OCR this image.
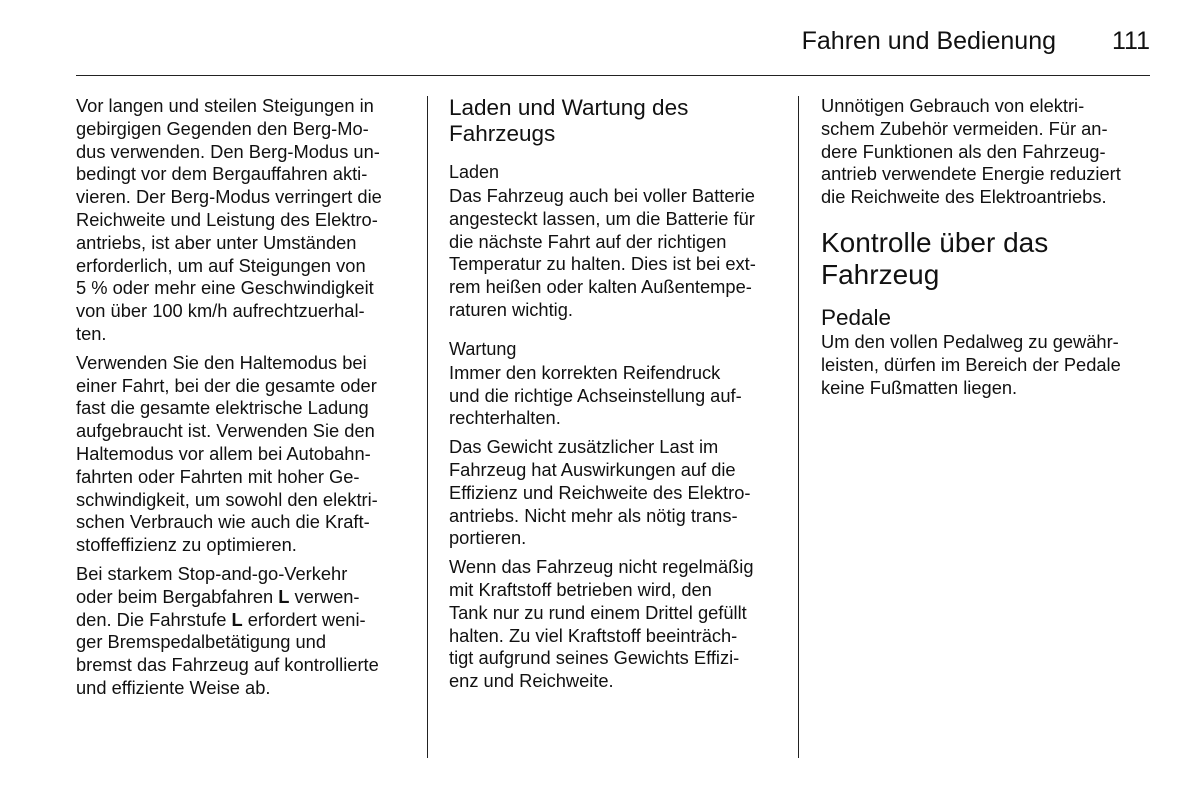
Fahren und Bedienung	111

Vor langen und steilen Steigungen in
gebirgigen Gegenden den Berg-Mo-
dus verwenden. Den Berg-Modus un-
bedingt vor dem Bergauffahren akti-
vieren. Der Berg-Modus verringert die
Reichweite und Leistung des Elektro-
antriebs, ist aber unter Umständen
erforderlich, um auf Steigungen von
5 % oder mehr eine Geschwindigkeit
von über 100 km/h aufrechtzuerhal-
ten.

Verwenden Sie den Haltemodus bei
einer Fahrt, bei der die gesamte oder
fast die gesamte elektrische Ladung
aufgebraucht ist. Verwenden Sie den
Haltemodus vor allem bei Autobahn-
fahrten oder Fahrten mit hoher Ge-
schwindigkeit, um sowohl den elektri-
schen Verbrauch wie auch die Kraft-
stoffeffizienz zu optimieren.

Bei starkem Stop-and-go-Verkehr
oder beim Bergabfahren L verwen-
den. Die Fahrstufe L erfordert weni-
ger Bremspedalbetätigung und
bremst das Fahrzeug auf kontrollierte
und effiziente Weise ab.

Laden und Wartung des
Fahrzeugs
Laden

Das Fahrzeug auch bei voller Batterie
angesteckt lassen, um die Batterie für
die nächste Fahrt auf der richtigen
Temperatur zu halten. Dies ist bei ext-
rem heißen oder kalten Außentempe-
raturen wichtig.

Wartung

Immer den korrekten Reifendruck
und die richtige Achseinstellung auf-
rechterhalten.

Das Gewicht zusätzlicher Last im
Fahrzeug hat Auswirkungen auf die
Effizienz und Reichweite des Elektro-
antriebs. Nicht mehr als nötig trans-
portieren.

Wenn das Fahrzeug nicht regelmäßig
mit Kraftstoff betrieben wird, den
Tank nur zu rund einem Drittel gefüllt
halten. Zu viel Kraftstoff beeinträch-
tigt aufgrund seines Gewichts Effizi-
enz und Reichweite.

Unnötigen Gebrauch von elektri-
schem Zubehör vermeiden. Für an-
dere Funktionen als den Fahrzeug-
antrieb verwendete Energie reduziert
die Reichweite des Elektroantriebs.

Kontrolle über das
Fahrzeug
Pedale

Um den vollen Pedalweg zu gewähr-
leisten, dürfen im Bereich der Pedale
keine Fußmatten liegen.
